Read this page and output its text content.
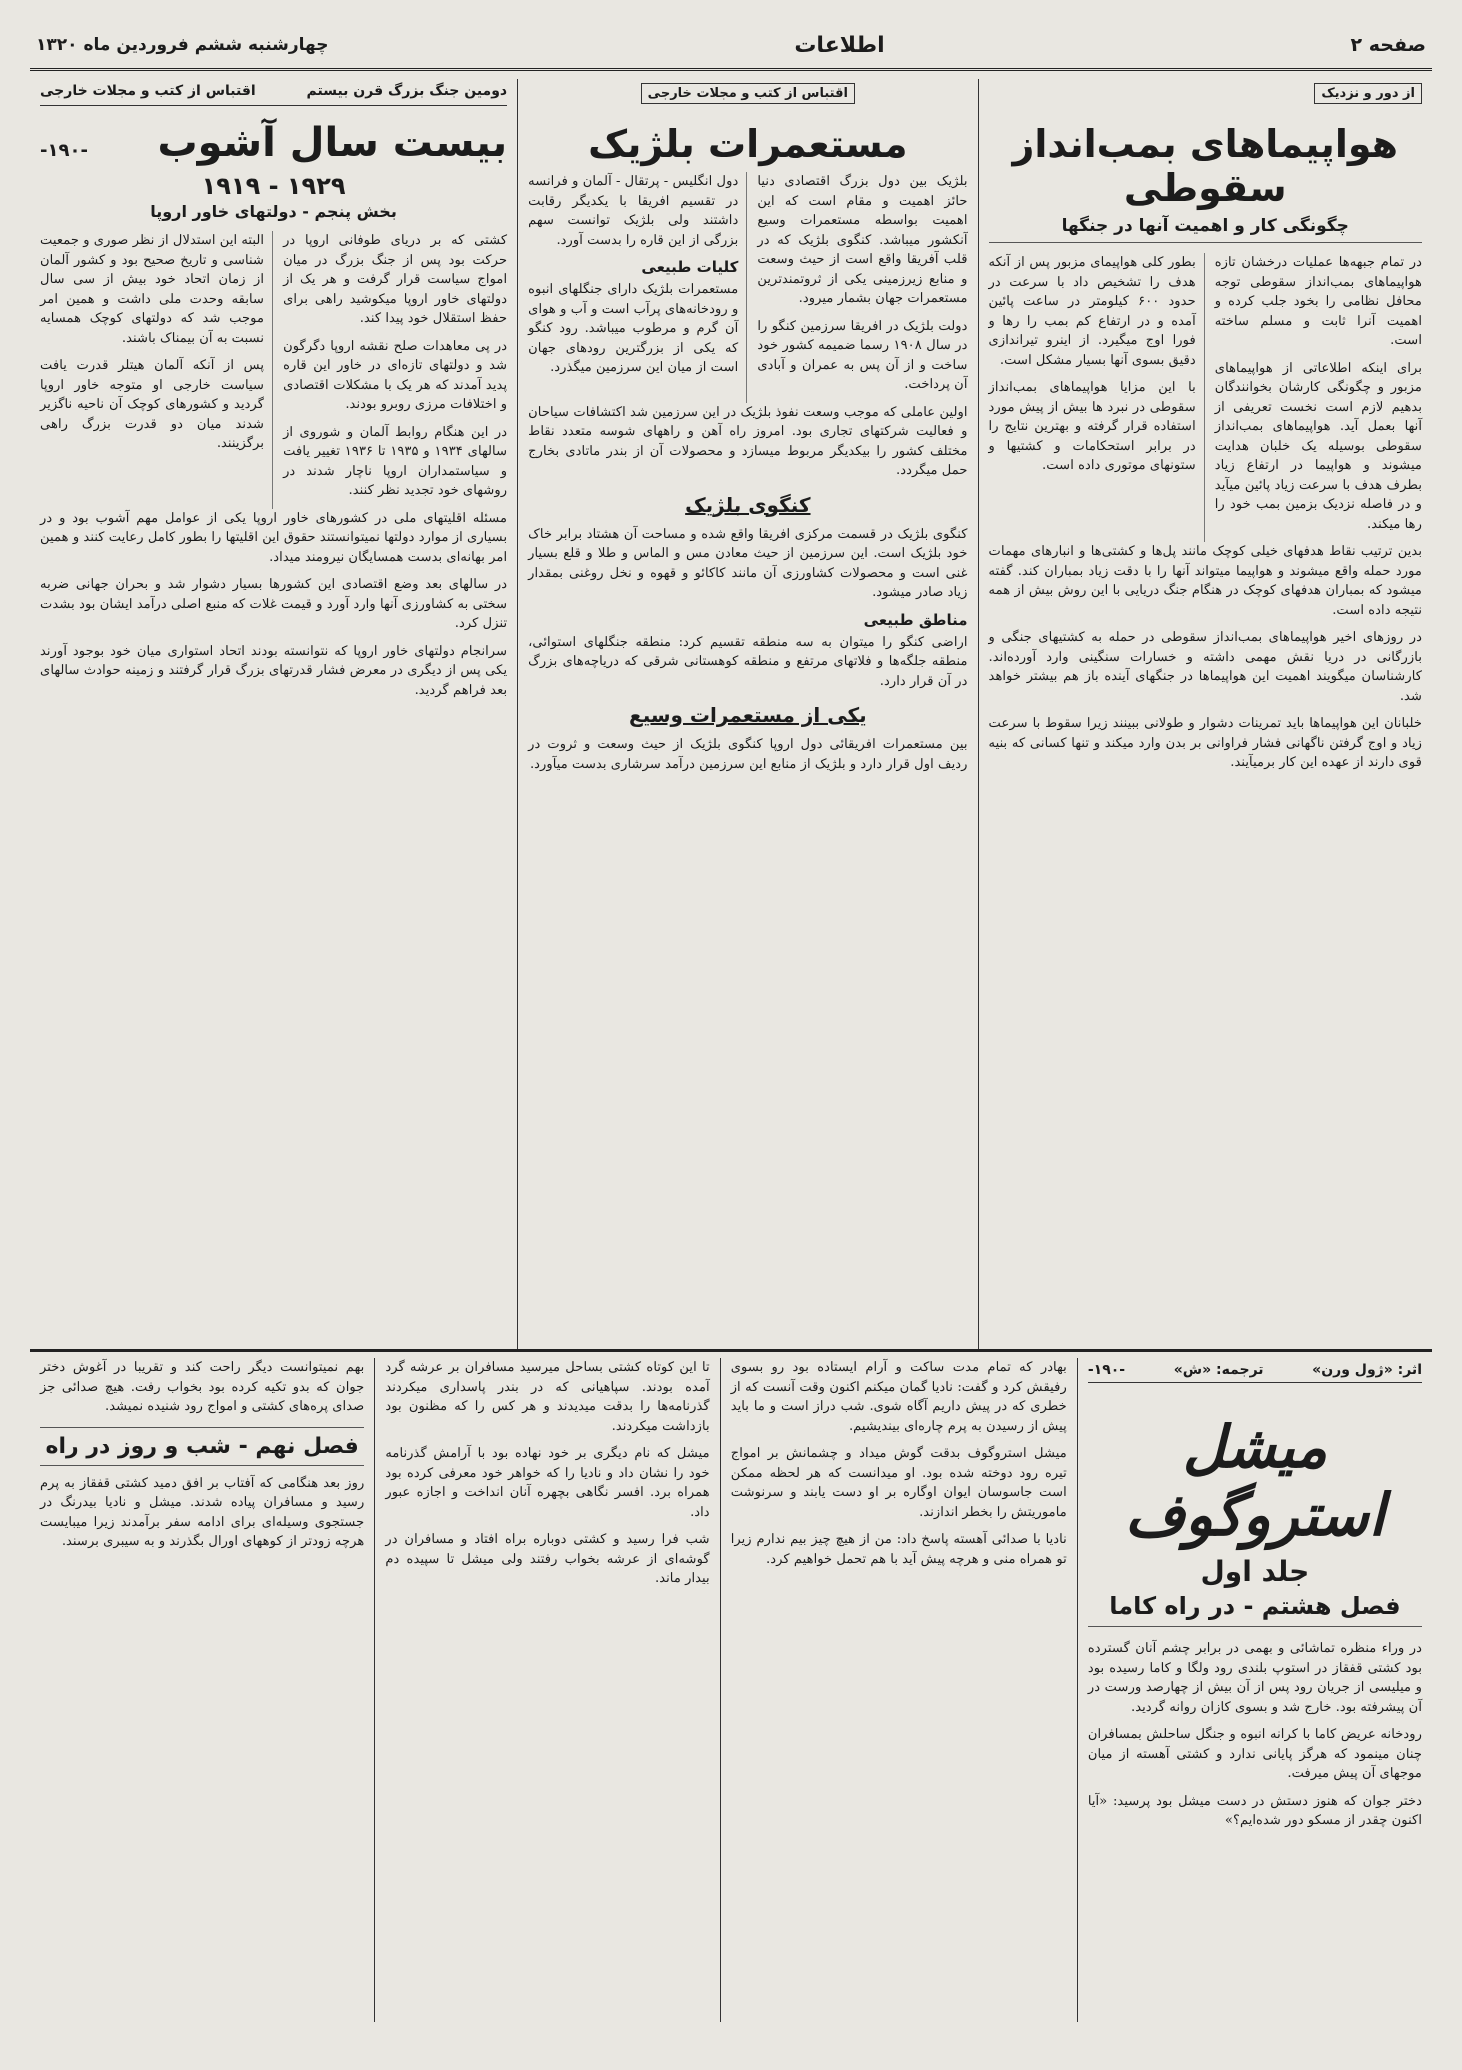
صفحه ۲
اطلاعات
چهارشنبه ششم فروردین ماه ۱۳۲۰
از دور و نزدیک
هواپیماهای بمب‌انداز سقوطی
چگونگی کار و اهمیت آنها در جنگها

در تمام جبهه‌ها عملیات درخشان تازه هواپیماهای بمب‌انداز سقوطی توجه محافل نظامی را بخود جلب کرده و اهمیت آنرا ثابت و مسلم ساخته است.

برای اینکه اطلاعاتی از هواپیماهای مزبور و چگونگی کارشان بخوانندگان بدهیم لازم است نخست تعریفی از آنها بعمل آید. هواپیماهای بمب‌انداز سقوطی بوسیله یک خلبان هدایت میشوند و هواپیما در ارتفاع زیاد بطرف هدف با سرعت زیاد پائین میآید و در فاصله نزدیک بزمین بمب خود را رها میکند.

بطور کلی هواپیمای مزبور پس از آنکه هدف را تشخیص داد با سرعت در حدود ۶۰۰ کیلومتر در ساعت پائین آمده و در ارتفاع کم بمب را رها و فورا اوج میگیرد. از اینرو تیراندازی دقیق بسوی آنها بسیار مشکل است.

با این مزایا هواپیماهای بمب‌انداز سقوطی در نبرد ها بیش از پیش مورد استفاده قرار گرفته و بهترین نتایج را در برابر استحکامات و کشتیها و ستونهای موتوری داده است.

بدین ترتیب نقاط هدفهای خیلی کوچک مانند پل‌ها و کشتی‌ها و انبارهای مهمات مورد حمله واقع میشوند و هواپیما میتواند آنها را با دقت زیاد بمباران کند. گفته میشود که بمباران هدفهای کوچک در هنگام جنگ دریایی با این روش بیش از همه نتیجه داده است.

در روزهای اخیر هواپیماهای بمب‌انداز سقوطی در حمله به کشتیهای جنگی و بازرگانی در دریا نقش مهمی داشته و خسارات سنگینی وارد آورده‌اند. کارشناسان میگویند اهمیت این هواپیماها در جنگهای آینده باز هم بیشتر خواهد شد.

خلبانان این هواپیماها باید تمرینات دشوار و طولانی ببینند زیرا سقوط با سرعت زیاد و اوج گرفتن ناگهانی فشار فراوانی بر بدن وارد میکند و تنها کسانی که بنیه قوی دارند از عهده این کار برمیآیند.

اقتباس از کتب و مجلات خارجی
مستعمرات بلژیک

بلژیک بین دول بزرگ اقتصادی دنیا حائز اهمیت و مقام است که این اهمیت بواسطه مستعمرات وسیع آنکشور میباشد. کنگوی بلژیک که در قلب آفریقا واقع است از حیث وسعت و منابع زیرزمینی یکی از ثروتمندترین مستعمرات جهان بشمار میرود.

دولت بلژیک در افریقا سرزمین کنگو را در سال ۱۹۰۸ رسما ضمیمه کشور خود ساخت و از آن پس به عمران و آبادی آن پرداخت.

دول انگلیس - پرتقال - آلمان و فرانسه در تقسیم افریقا با یکدیگر رقابت داشتند ولی بلژیک توانست سهم بزرگی از این قاره را بدست آورد.

کلیات طبیعی

مستعمرات بلژیک دارای جنگلهای انبوه و رودخانه‌های پرآب است و آب و هوای آن گرم و مرطوب میباشد. رود کنگو که یکی از بزرگترین رودهای جهان است از میان این سرزمین میگذرد.

اولین عاملی که موجب وسعت نفوذ بلژیک در این سرزمین شد اکتشافات سیاحان و فعالیت شرکتهای تجاری بود. امروز راه آهن و راههای شوسه متعدد نقاط مختلف کشور را بیکدیگر مربوط میسازد و محصولات آن از بندر ماتادی بخارج حمل میگردد.

کنگوی بلژیک

کنگوی بلژیک در قسمت مرکزی افریقا واقع شده و مساحت آن هشتاد برابر خاک خود بلژیک است. این سرزمین از حیث معادن مس و الماس و طلا و قلع بسیار غنی است و محصولات کشاورزی آن مانند کاکائو و قهوه و نخل روغنی بمقدار زیاد صادر میشود.

مناطق طبیعی

اراضی کنگو را میتوان به سه منطقه تقسیم کرد: منطقه جنگلهای استوائی، منطقه جلگه‌ها و فلاتهای مرتفع و منطقه کوهستانی شرقی که دریاچه‌های بزرگ در آن قرار دارد.

یکی از مستعمرات وسیع

بین مستعمرات افریقائی دول اروپا کنگوی بلژیک از حیث وسعت و ثروت در ردیف اول قرار دارد و بلژیک از منابع این سرزمین درآمد سرشاری بدست میآورد.

دومین جنگ بزرگ قرن بیستم
اقتباس از کتب و مجلات خارجی
بیست سال آشوب
-۱۹۰-
۱۹۲۹ - ۱۹۱۹
بخش پنجم - دولتهای خاور اروپا

کشتی که بر دریای طوفانی اروپا در حرکت بود پس از جنگ بزرگ در میان امواج سیاست قرار گرفت و هر یک از دولتهای خاور اروپا میکوشید راهی برای حفظ استقلال خود پیدا کند.

در پی معاهدات صلح نقشه اروپا دگرگون شد و دولتهای تازه‌ای در خاور این قاره پدید آمدند که هر یک با مشکلات اقتصادی و اختلافات مرزی روبرو بودند.

در این هنگام روابط آلمان و شوروی از سالهای ۱۹۳۴ و ۱۹۳۵ تا ۱۹۳۶ تغییر یافت و سیاستمداران اروپا ناچار شدند در روشهای خود تجدید نظر کنند.

البته این استدلال از نظر صوری و جمعیت شناسی و تاریخ صحیح بود و کشور آلمان از زمان اتحاد خود بیش از سی سال سابقه وحدت ملی داشت و همین امر موجب شد که دولتهای کوچک همسایه نسبت به آن بیمناک باشند.

پس از آنکه آلمان هیتلر قدرت یافت سیاست خارجی او متوجه خاور اروپا گردید و کشورهای کوچک آن ناحیه ناگزیر شدند میان دو قدرت بزرگ راهی برگزینند.

مسئله اقلیتهای ملی در کشورهای خاور اروپا یکی از عوامل مهم آشوب بود و در بسیاری از موارد دولتها نمیتوانستند حقوق این اقلیتها را بطور کامل رعایت کنند و همین امر بهانه‌ای بدست همسایگان نیرومند میداد.

در سالهای بعد وضع اقتصادی این کشورها بسیار دشوار شد و بحران جهانی ضربه سختی به کشاورزی آنها وارد آورد و قیمت غلات که منبع اصلی درآمد ایشان بود بشدت تنزل کرد.

سرانجام دولتهای خاور اروپا که نتوانسته بودند اتحاد استواری میان خود بوجود آورند یکی پس از دیگری در معرض فشار قدرتهای بزرگ قرار گرفتند و زمینه حوادث سالهای بعد فراهم گردید.

اثر: «ژول ورن»
ترجمه: «ش»
-۱۹۰-
میشل استروگوف
جلد اول
فصل هشتم - در راه کاما

در وراء منظره تماشائی و بهمی در برابر چشم آنان گسترده بود کشتی قفقاز در استوپ بلندی رود ولگا و کاما رسیده بود و میلیسی از جریان رود پس از آن بیش از چهارصد ورست در آن پیشرفته بود. خارج شد و بسوی کازان روانه گردید.

رودخانه عریض کاما با کرانه انبوه و جنگل ساحلش بمسافران چنان مینمود که هرگز پایانی ندارد و کشتی آهسته از میان موجهای آن پیش میرفت.

دختر جوان که هنوز دستش در دست میشل بود پرسید: «آیا اکنون چقدر از مسکو دور شده‌ایم؟»

بهادر که تمام مدت ساکت و آرام ایستاده بود رو بسوی رفیقش کرد و گفت: نادیا گمان میکنم اکنون وقت آنست که از خطری که در پیش داریم آگاه شوی. شب دراز است و ما باید پیش از رسیدن به پرم چاره‌ای بیندیشیم.

میشل استروگوف بدقت گوش میداد و چشمانش بر امواج تیره رود دوخته شده بود. او میدانست که هر لحظه ممکن است جاسوسان ایوان اوگاره بر او دست یابند و سرنوشت ماموریتش را بخطر اندازند.

نادیا با صدائی آهسته پاسخ داد: من از هیچ چیز بیم ندارم زیرا تو همراه منی و هرچه پیش آید با هم تحمل خواهیم کرد.

تا این کوتاه کشتی بساحل میرسید مسافران بر عرشه گرد آمده بودند. سپاهیانی که در بندر پاسداری میکردند گذرنامه‌ها را بدقت میدیدند و هر کس را که مظنون بود بازداشت میکردند.

میشل که نام دیگری بر خود نهاده بود با آرامش گذرنامه خود را نشان داد و نادیا را که خواهر خود معرفی کرده بود همراه برد. افسر نگاهی بچهره آنان انداخت و اجازه عبور داد.

شب فرا رسید و کشتی دوباره براه افتاد و مسافران در گوشه‌ای از عرشه بخواب رفتند ولی میشل تا سپیده دم بیدار ماند.

بهم نمیتوانست دیگر راحت کند و تقریبا در آغوش دختر جوان که بدو تکیه کرده بود بخواب رفت. هیچ صدائی جز صدای پره‌های کشتی و امواج رود شنیده نمیشد.

فصل نهم - شب و روز در راه

روز بعد هنگامی که آفتاب بر افق دمید کشتی قفقاز به پرم رسید و مسافران پیاده شدند. میشل و نادیا بیدرنگ در جستجوی وسیله‌ای برای ادامه سفر برآمدند زیرا میبایست هرچه زودتر از کوههای اورال بگذرند و به سیبری برسند.
